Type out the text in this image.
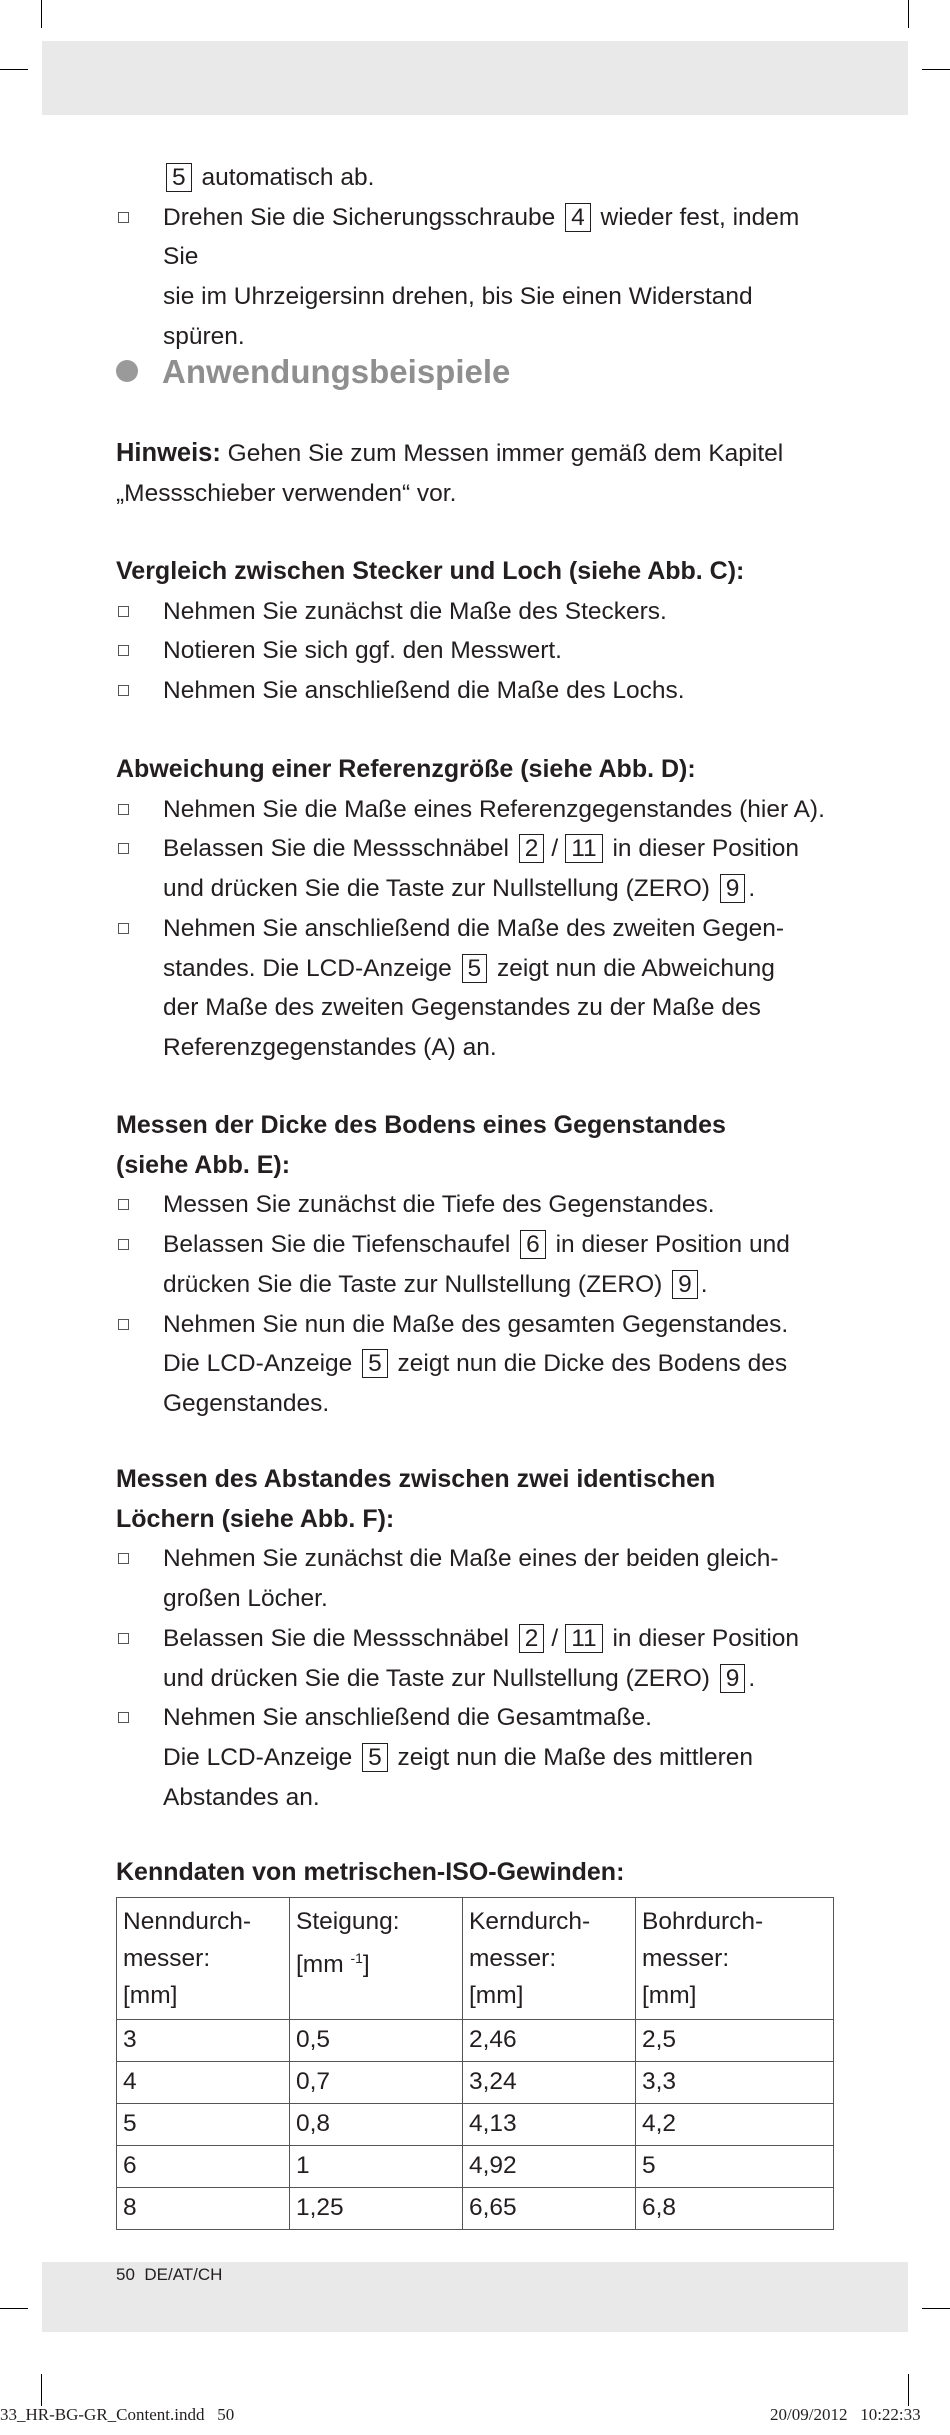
5 automatisch ab.
Drehen Sie die Sicherungsschraube 4 wieder fest, indem Sie
sie im Uhrzeigersinn drehen, bis Sie einen Widerstand spüren.
Anwendungsbeispiele

Hinweis: Gehen Sie zum Messen immer gemäß dem Kapitel

„Messschieber verwenden“ vor.

Vergleich zwischen Stecker und Loch (siehe Abb. C):

Nehmen Sie zunächst die Maße des Steckers.
Notieren Sie sich ggf. den Messwert.
Nehmen Sie anschließend die Maße des Lochs.

Abweichung einer Referenzgröße (siehe Abb. D):

Nehmen Sie die Maße eines Referenzgegenstandes (hier A).
Belassen Sie die Messschnäbel 2 / 11 in dieser Position
und drücken Sie die Taste zur Nullstellung (ZERO) 9 .
Nehmen Sie anschließend die Maße des zweiten Gegen-
standes. Die LCD-Anzeige 5 zeigt nun die Abweichung
der Maße des zweiten Gegenstandes zu der Maße des
Referenzgegenstandes (A) an.

Messen der Dicke des Bodens eines Gegenstandes
(siehe Abb. E):

Messen Sie zunächst die Tiefe des Gegenstandes.
Belassen Sie die Tiefenschaufel 6 in dieser Position und
drücken Sie die Taste zur Nullstellung (ZERO) 9 .
Nehmen Sie nun die Maße des gesamten Gegenstandes.
Die LCD-Anzeige 5 zeigt nun die Dicke des Bodens des
Gegenstandes.

Messen des Abstandes zwischen zwei identischen
Löchern (siehe Abb. F):

Nehmen Sie zunächst die Maße eines der beiden gleich-
großen Löcher.
Belassen Sie die Messschnäbel 2 / 11 in dieser Position
und drücken Sie die Taste zur Nullstellung (ZERO) 9 .
Nehmen Sie anschließend die Gesamtmaße.
Die LCD-Anzeige 5 zeigt nun die Maße des mittleren
Abstandes an.

Kenndaten von metrischen-ISO-Gewinden:

Nenndurch-
messer:
[mm]	Steigung:
[mm $^{-1}$]	Kerndurch-
messer:
[mm]	Bohrdurch-
messer:
[mm]
3	0,5	2,46	2,5
4	0,7	3,24	3,3
5	0,8	4,13	4,2
6	1	4,92	5
8	1,25	6,65	6,8
50 DE/AT/CH
33_HR-BG-GR_Content.indd 50	20/09/2012 10:22:33
